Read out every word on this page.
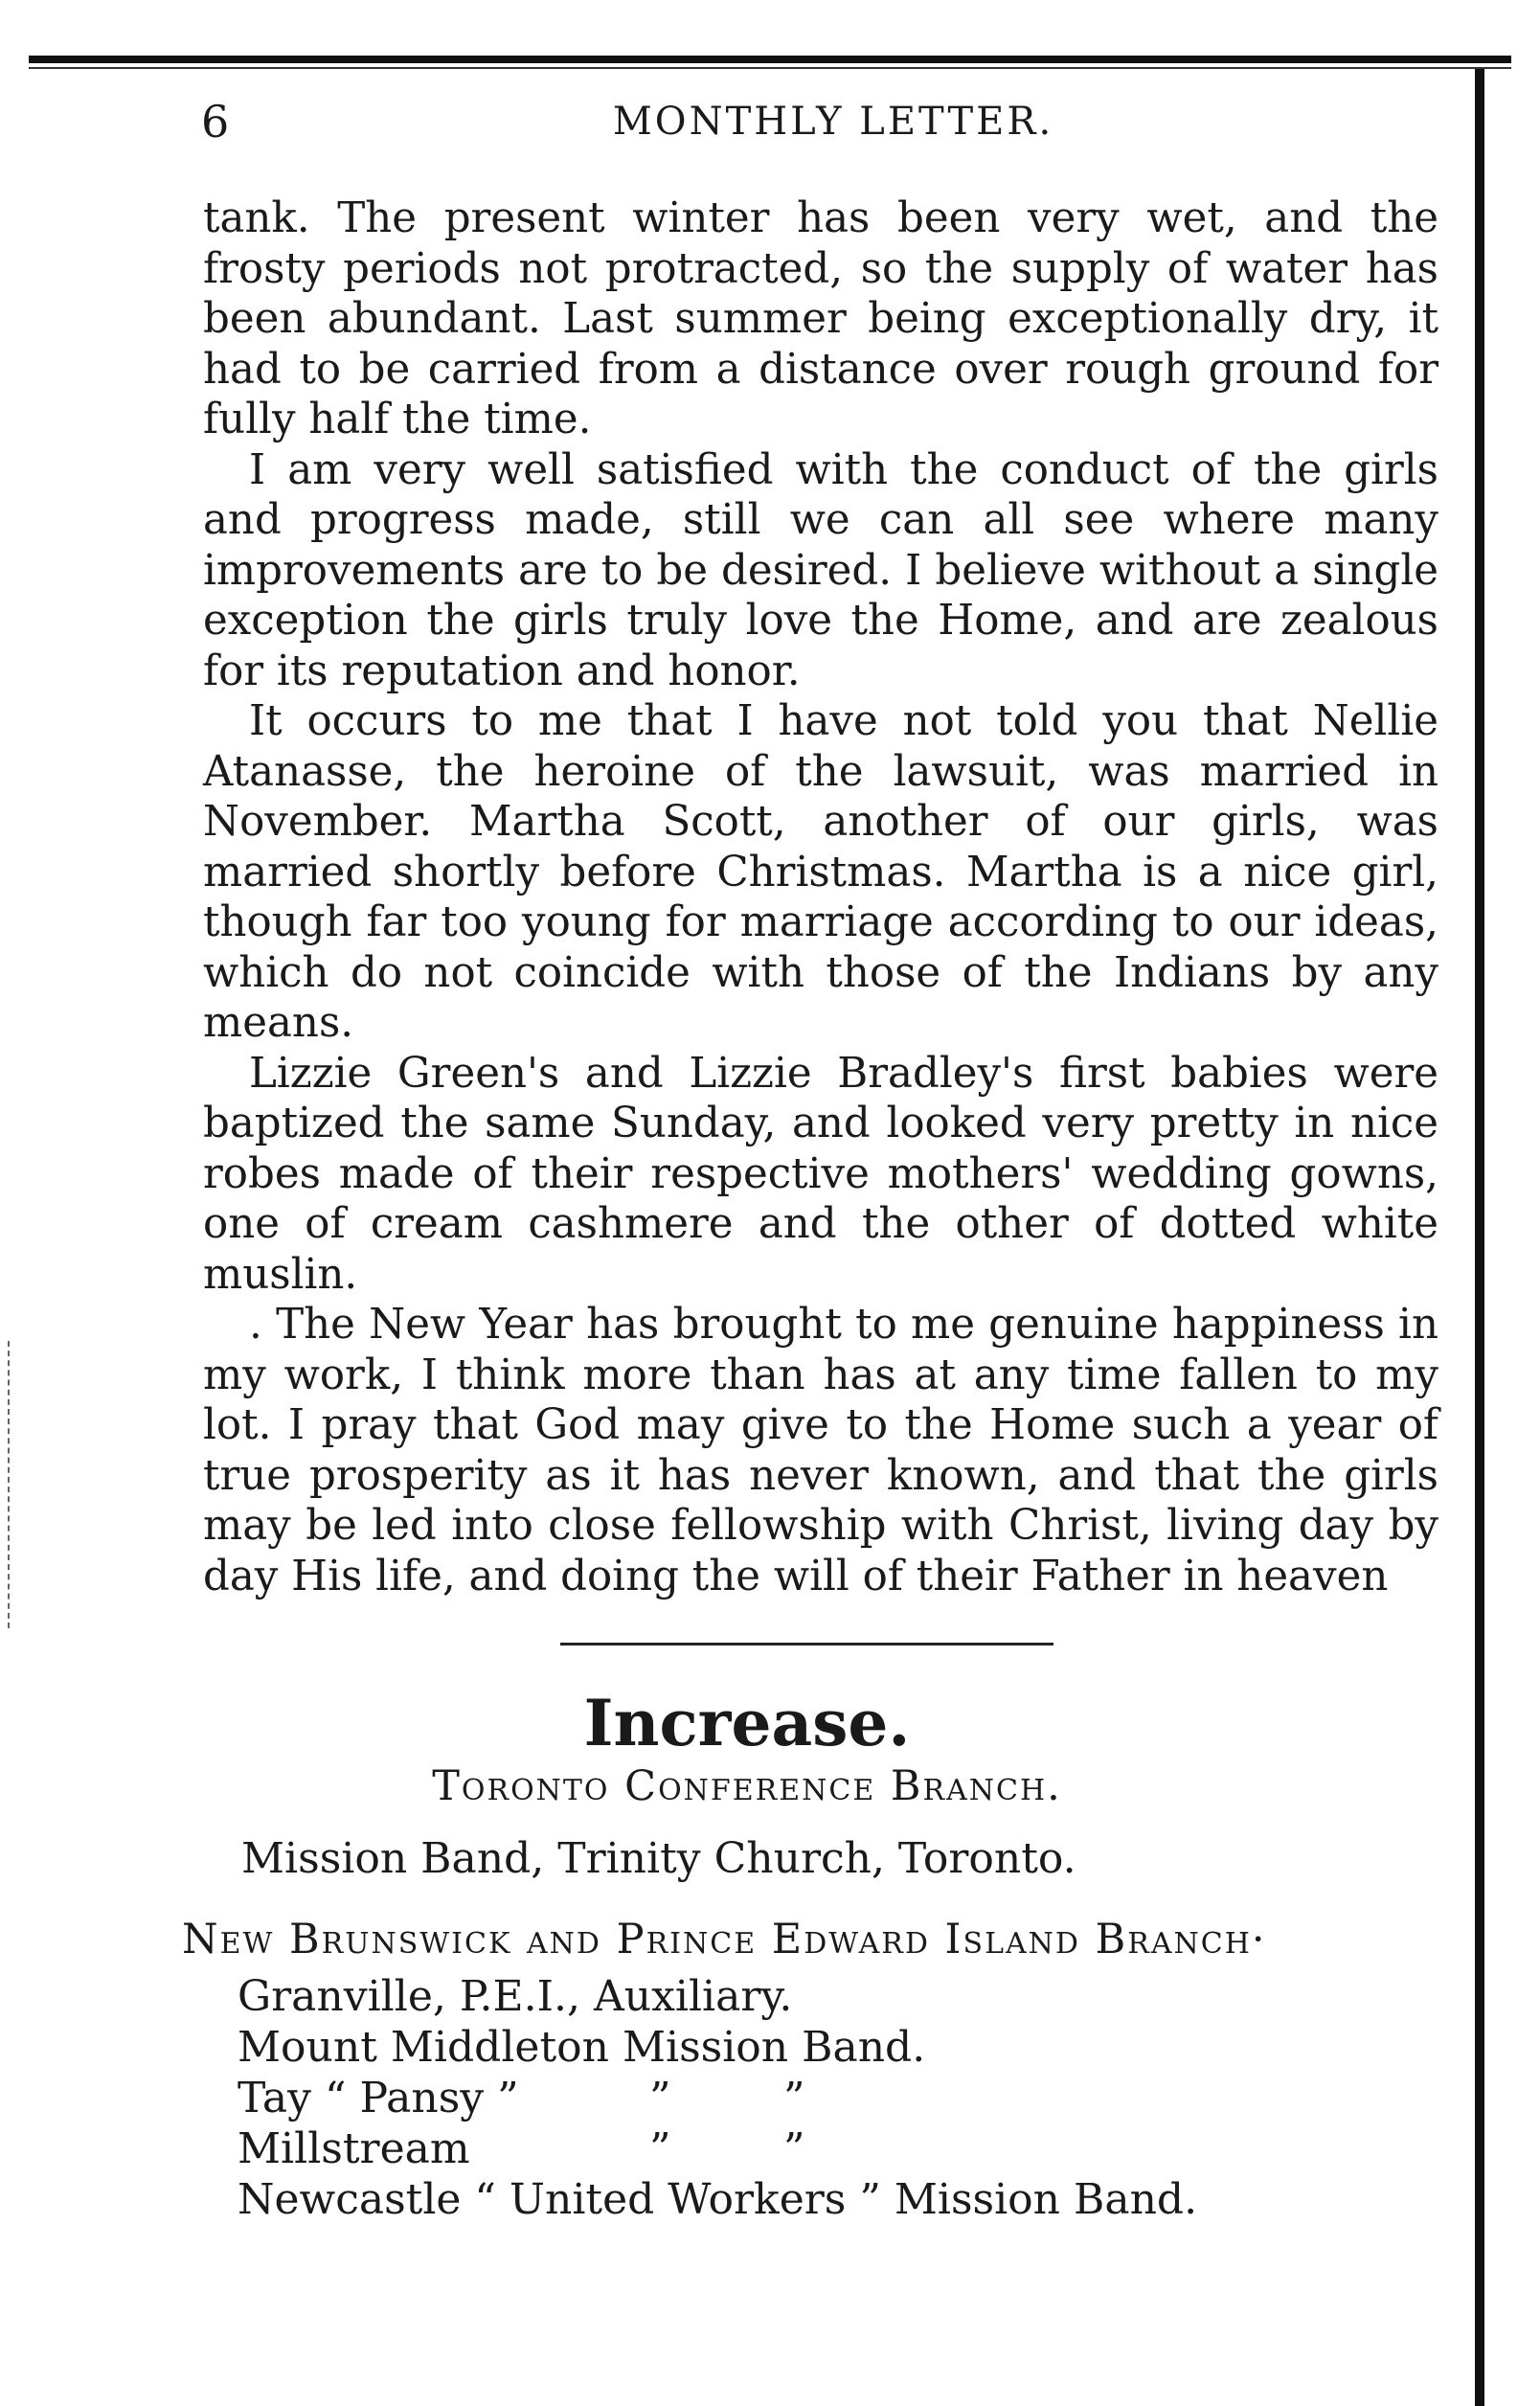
6	MONTHLY LETTER.

tank. The present winter has been very wet, and the frosty periods not protracted, so the supply of water has been abundant. Last summer being exceptionally dry, it had to be carried from a distance over rough ground for fully half the time.

I am very well satisfied with the conduct of the girls and progress made, still we can all see where many improvements are to be desired. I believe without a single exception the girls truly love the Home, and are zealous for its reputation and honor.

It occurs to me that I have not told you that Nellie Atanasse, the heroine of the lawsuit, was married in November. Martha Scott, another of our girls, was married shortly before Christmas. Martha is a nice girl, though far too young for marriage according to our ideas, which do not coincide with those of the Indians by any means.

Lizzie Green's and Lizzie Bradley's first babies were baptized the same Sunday, and looked very pretty in nice robes made of their respective mothers' wedding gowns, one of cream cashmere and the other of dotted white muslin.

. The New Year has brought to me genuine happiness in my work, I think more than has at any time fallen to my lot. I pray that God may give to the Home such a year of true prosperity as it has never known, and that the girls may be led into close fellowship with Christ, living day by day His life, and doing the will of their Father in heaven

Increase.
Toronto Conference Branch.
Mission Band, Trinity Church, Toronto.
New Brunswick and Prince Edward Island Branch·
Granville, P.E.I., Auxiliary.
Mount Middleton Mission Band.
Tay “ Pansy ”	”	”
Millstream	”	”
Newcastle “ United Workers ” Mission Band.
